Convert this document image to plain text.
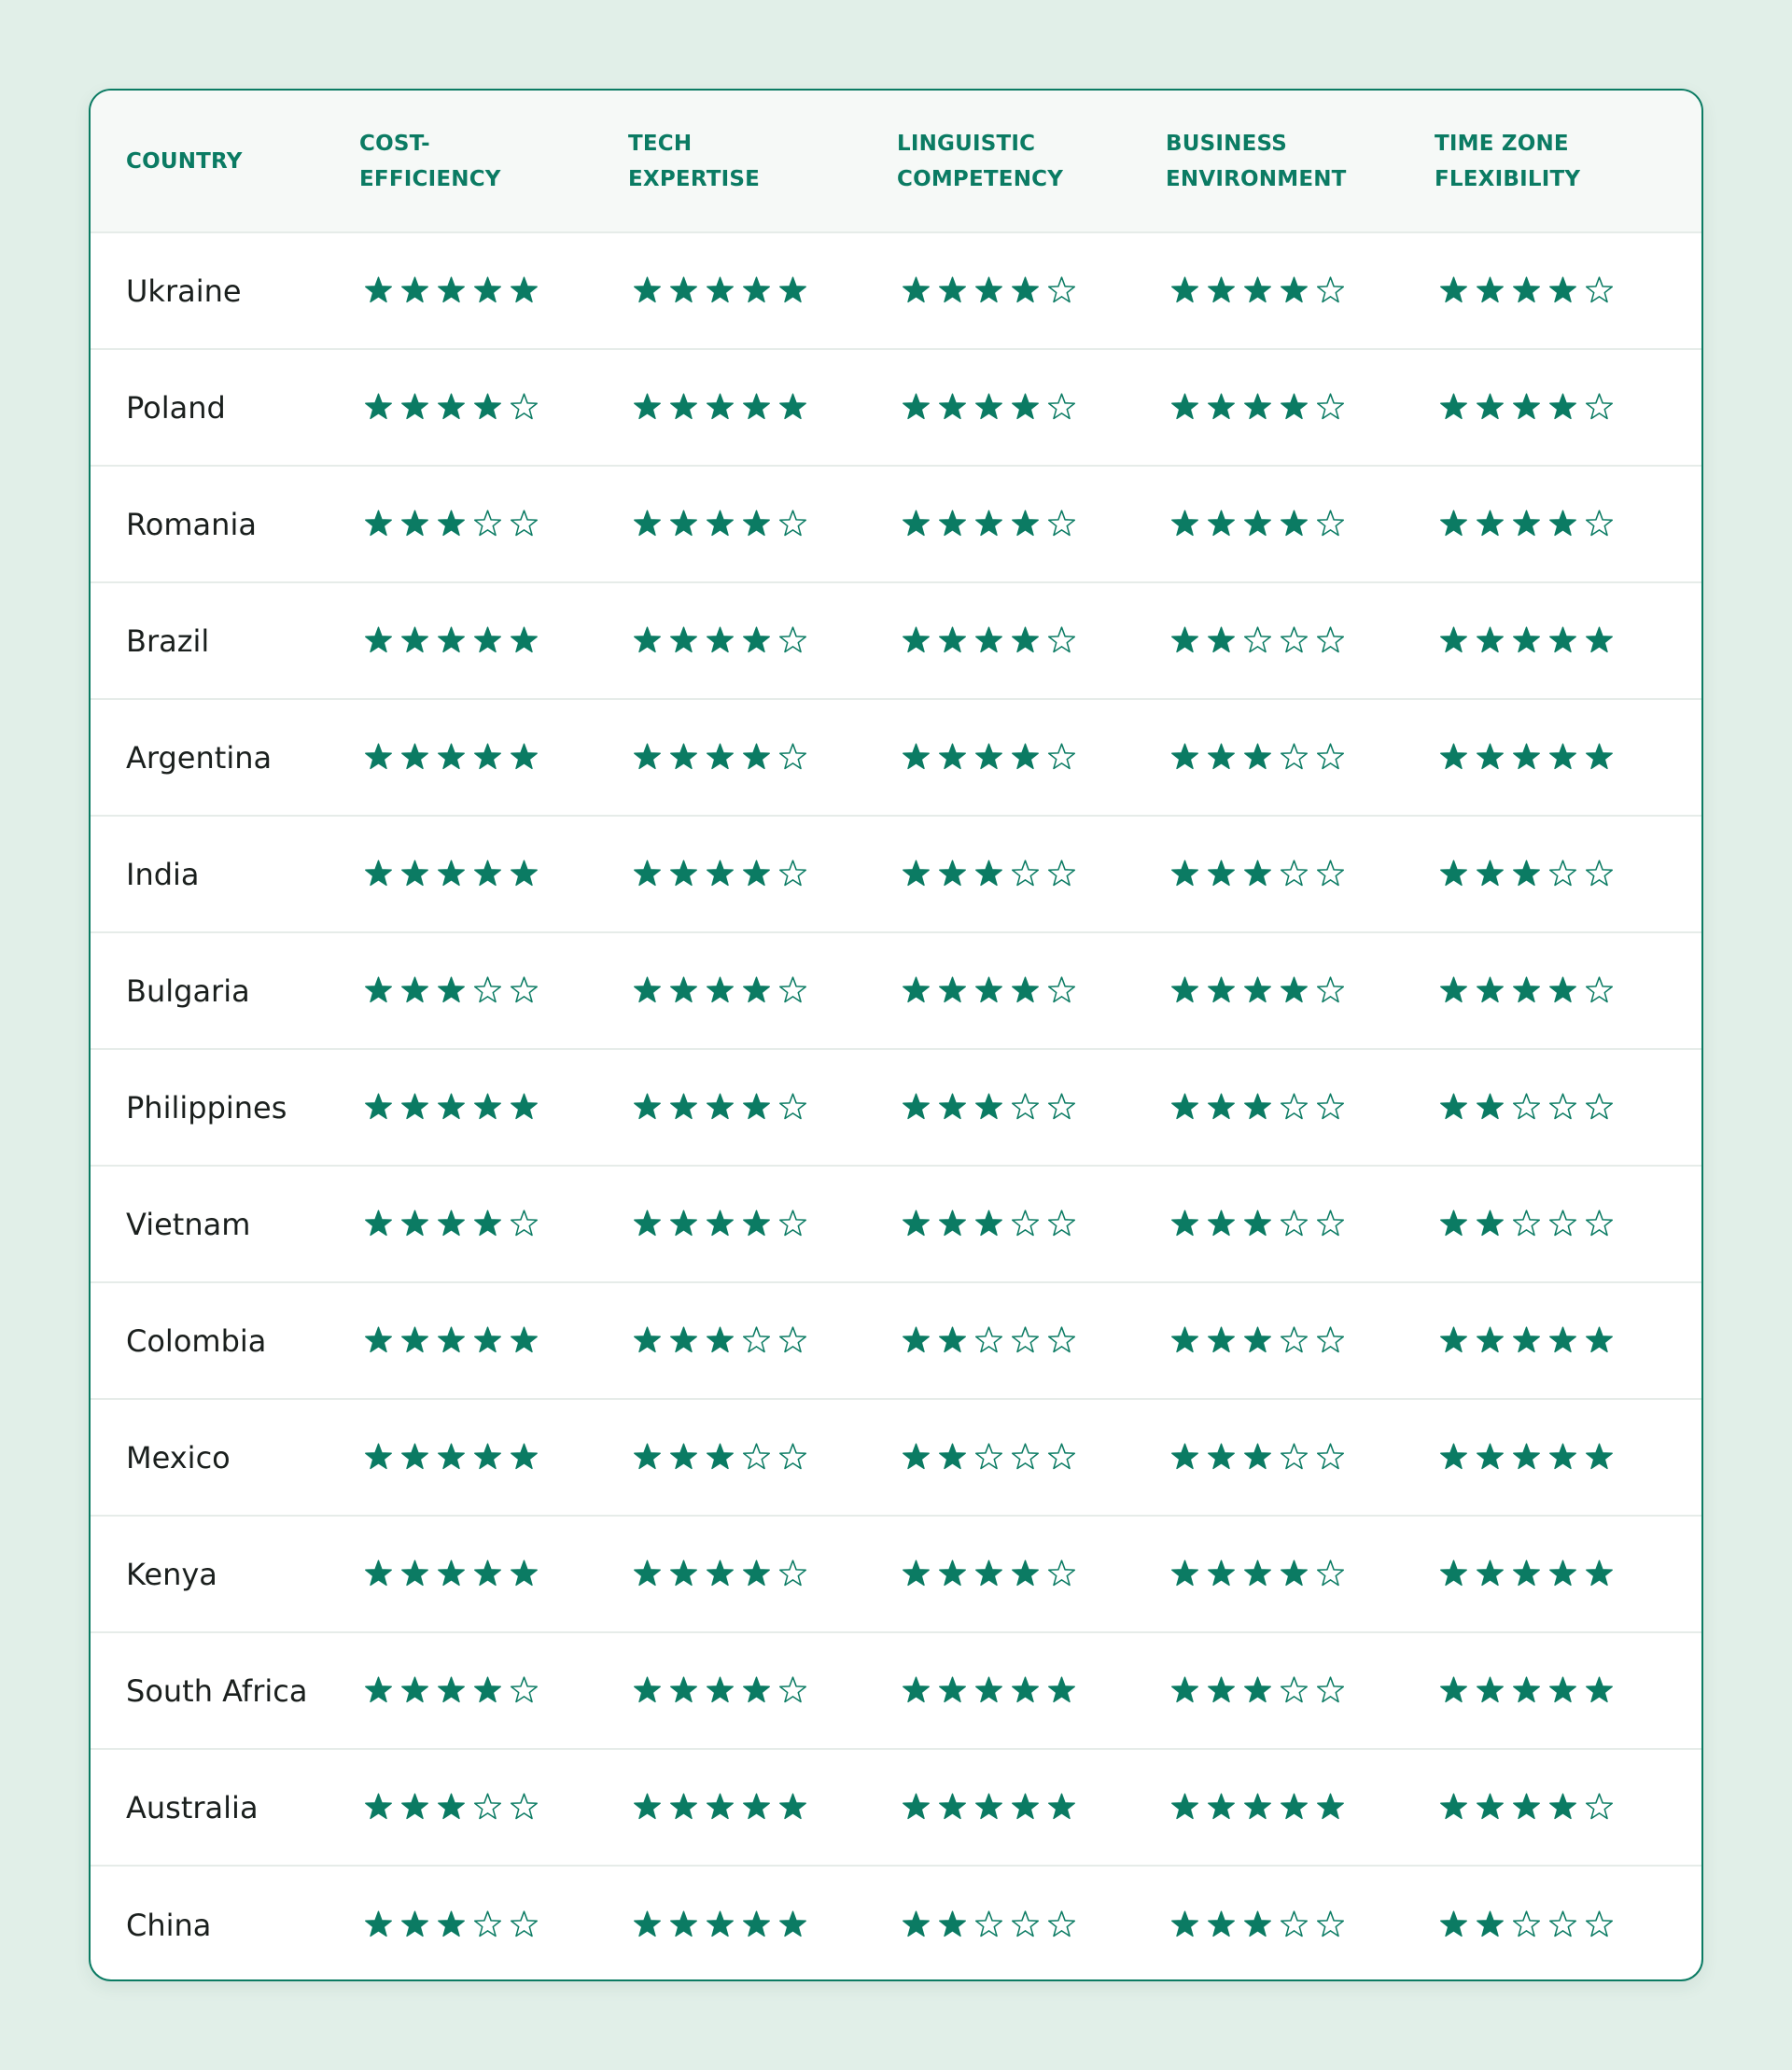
COUNTRY
COST-
EFFICIENCY
TECH
EXPERTISE
LINGUISTIC
COMPETENCY
BUSINESS
ENVIRONMENT
TIME ZONE
FLEXIBILITY
Ukraine
Poland
Romania
Brazil
Argentina
India
Bulgaria
Philippines
Vietnam
Colombia
Mexico
Kenya
South Africa
Australia
China
